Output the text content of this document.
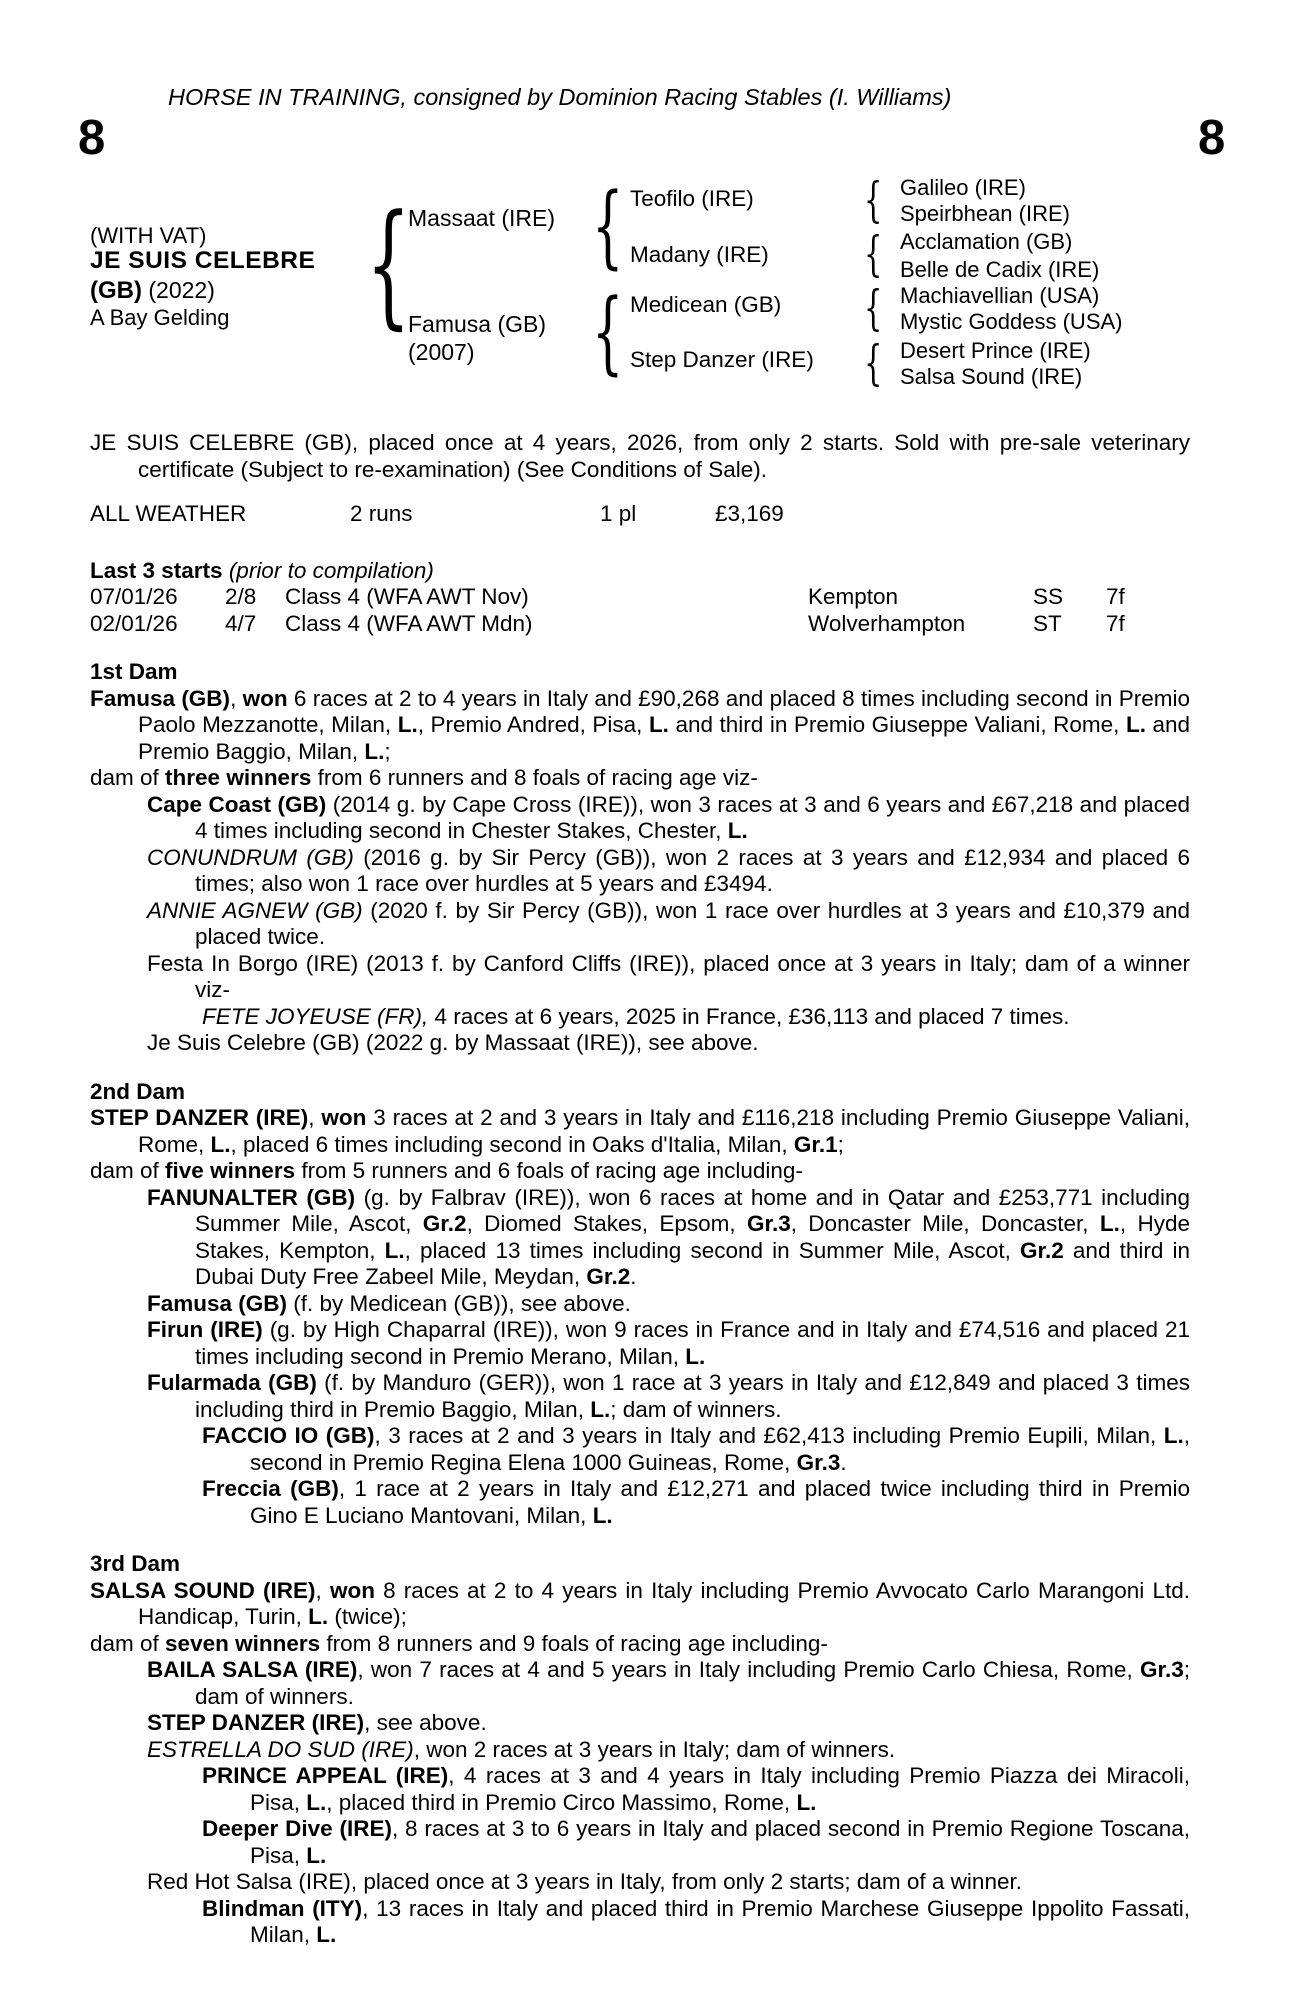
HORSE IN TRAINING, consigned by Dominion Racing Stables (I. Williams)
8	8
(WITH VAT)
JE SUIS CELEBRE
(GB) (2022)
A Bay Gelding {
Massaat (IRE)
Famusa (GB)
(2007)
{
{
Teofilo (IRE)
Madany (IRE)
Medicean (GB)
Step Danzer (IRE)
{
{
{
{
Galileo (IRE)
Speirbhean (IRE)
Acclamation (GB)
Belle de Cadix (IRE)
Machiavellian (USA)
Mystic Goddess (USA)
Desert Prince (IRE)
Salsa Sound (IRE)
JE SUIS CELEBRE (GB), placed once at 4 years, 2026, from only 2 starts. Sold with pre-sale veterinary certificate (Subject to re-examination) (See Conditions of Sale).
ALL WEATHER	2 runs	1 pl	£3,169
Last 3 starts (prior to compilation)
07/01/26	2/8	Class 4 (WFA AWT Nov)	Kempton	SS	7f
02/01/26	4/7	Class 4 (WFA AWT Mdn)	Wolverhampton	ST	7f
1st Dam
Famusa (GB), won 6 races at 2 to 4 years in Italy and £90,268 and placed 8 times including second in Premio Paolo Mezzanotte, Milan, L., Premio Andred, Pisa, L. and third in Premio Giuseppe Valiani, Rome, L. and Premio Baggio, Milan, L.;
dam of three winners from 6 runners and 8 foals of racing age viz-
Cape Coast (GB) (2014 g. by Cape Cross (IRE)), won 3 races at 3 and 6 years and £67,218 and placed 4 times including second in Chester Stakes, Chester, L.
CONUNDRUM (GB) (2016 g. by Sir Percy (GB)), won 2 races at 3 years and £12,934 and placed 6 times; also won 1 race over hurdles at 5 years and £3494.
ANNIE AGNEW (GB) (2020 f. by Sir Percy (GB)), won 1 race over hurdles at 3 years and £10,379 and placed twice.
Festa In Borgo (IRE) (2013 f. by Canford Cliffs (IRE)), placed once at 3 years in Italy; dam of a winner viz-
FETE JOYEUSE (FR), 4 races at 6 years, 2025 in France, £36,113 and placed 7 times.
Je Suis Celebre (GB) (2022 g. by Massaat (IRE)), see above.
2nd Dam
STEP DANZER (IRE), won 3 races at 2 and 3 years in Italy and £116,218 including Premio Giuseppe Valiani, Rome, L., placed 6 times including second in Oaks d'Italia, Milan, Gr.1;
dam of five winners from 5 runners and 6 foals of racing age including-
FANUNALTER (GB) (g. by Falbrav (IRE)), won 6 races at home and in Qatar and £253,771 including Summer Mile, Ascot, Gr.2, Diomed Stakes, Epsom, Gr.3, Doncaster Mile, Doncaster, L., Hyde Stakes, Kempton, L., placed 13 times including second in Summer Mile, Ascot, Gr.2 and third in Dubai Duty Free Zabeel Mile, Meydan, Gr.2.
Famusa (GB) (f. by Medicean (GB)), see above.
Firun (IRE) (g. by High Chaparral (IRE)), won 9 races in France and in Italy and £74,516 and placed 21 times including second in Premio Merano, Milan, L.
Fularmada (GB) (f. by Manduro (GER)), won 1 race at 3 years in Italy and £12,849 and placed 3 times including third in Premio Baggio, Milan, L.; dam of winners.
FACCIO IO (GB), 3 races at 2 and 3 years in Italy and £62,413 including Premio Eupili, Milan, L., second in Premio Regina Elena 1000 Guineas, Rome, Gr.3.
Freccia (GB), 1 race at 2 years in Italy and £12,271 and placed twice including third in Premio Gino E Luciano Mantovani, Milan, L.
3rd Dam
SALSA SOUND (IRE), won 8 races at 2 to 4 years in Italy including Premio Avvocato Carlo Marangoni Ltd. Handicap, Turin, L. (twice);
dam of seven winners from 8 runners and 9 foals of racing age including-
BAILA SALSA (IRE), won 7 races at 4 and 5 years in Italy including Premio Carlo Chiesa, Rome, Gr.3; dam of winners.
STEP DANZER (IRE), see above.
ESTRELLA DO SUD (IRE), won 2 races at 3 years in Italy; dam of winners.
PRINCE APPEAL (IRE), 4 races at 3 and 4 years in Italy including Premio Piazza dei Miracoli, Pisa, L., placed third in Premio Circo Massimo, Rome, L.
Deeper Dive (IRE), 8 races at 3 to 6 years in Italy and placed second in Premio Regione Toscana, Pisa, L.
Red Hot Salsa (IRE), placed once at 3 years in Italy, from only 2 starts; dam of a winner.
Blindman (ITY), 13 races in Italy and placed third in Premio Marchese Giuseppe Ippolito Fassati, Milan, L.
